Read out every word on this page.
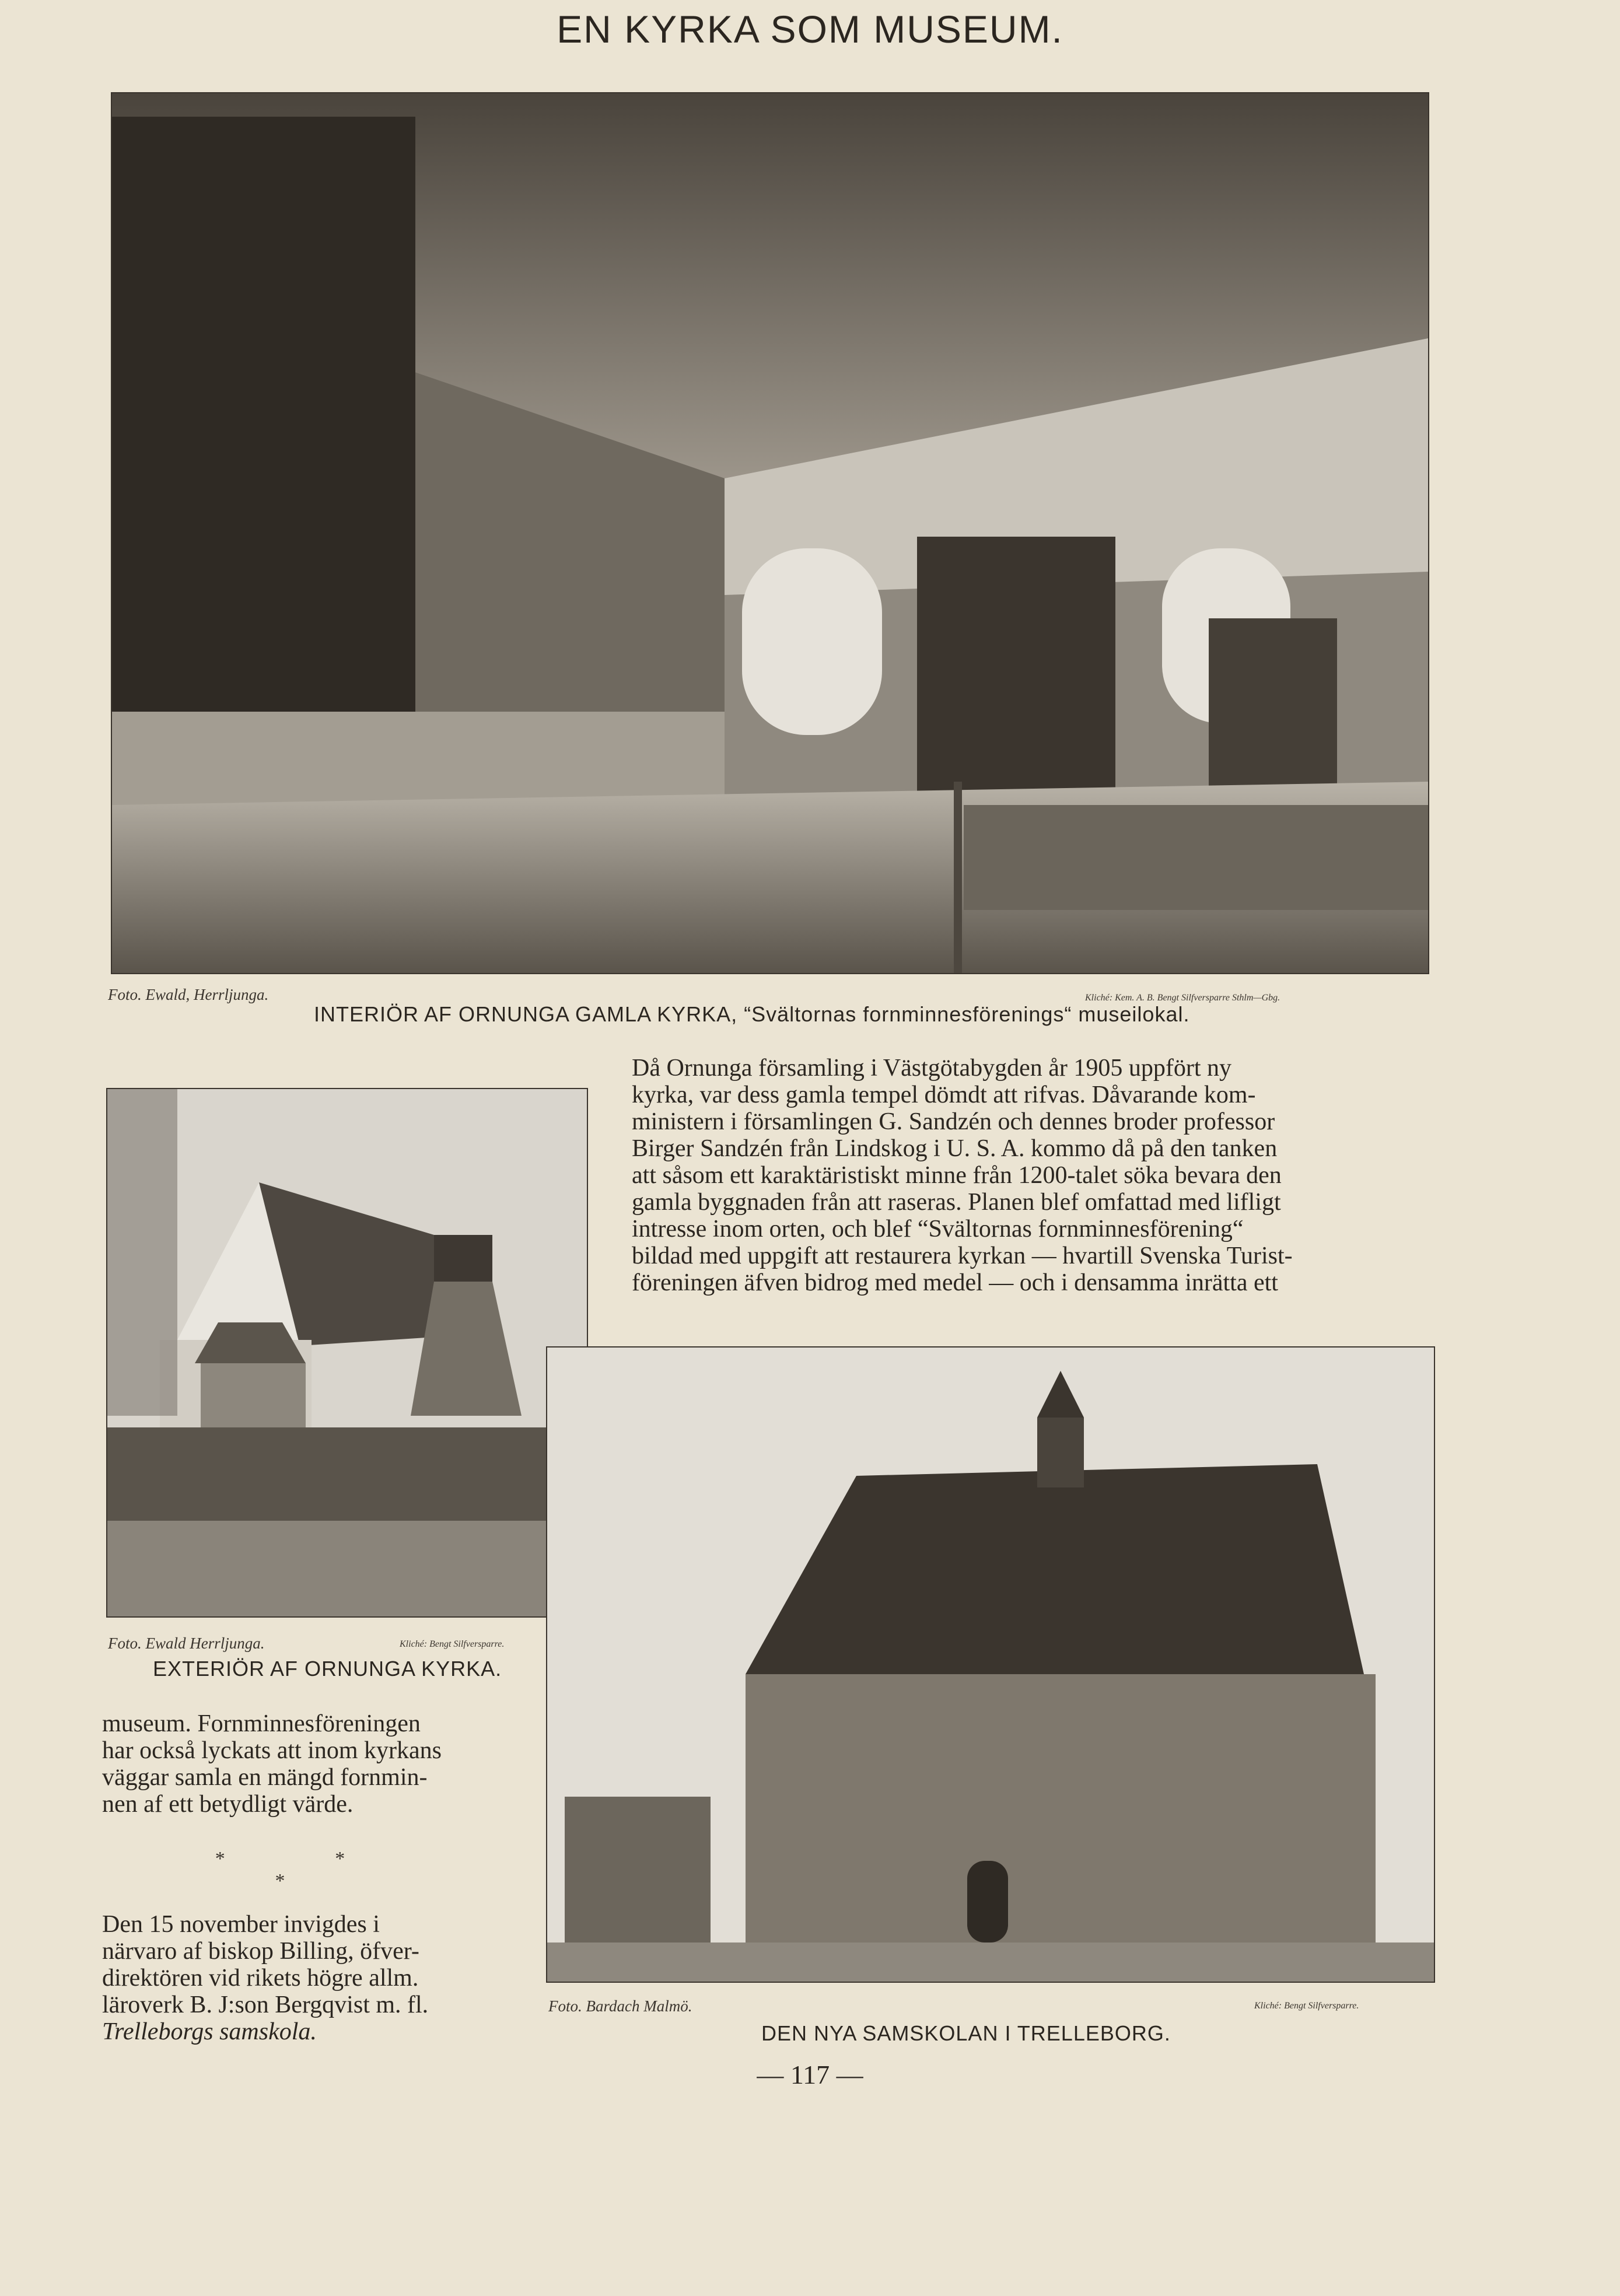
EN KYRKA SOM MUSEUM.
Foto. Ewald, Herrljunga.	Kliché: Kem. A. B. Bengt Silfversparre Sthlm—Gbg.
INTERIÖR AF ORNUNGA GAMLA KYRKA, “Svältornas fornminnesförenings“ museilokal.
Foto. Ewald Herrljunga.	Kliché: Bengt Silfversparre.
EXTERIÖR AF ORNUNGA KYRKA.

Då Ornunga församling i Västgötabygden år 1905 uppfört ny

kyrka, var dess gamla tempel dömdt att rifvas. Dåvarande kom-

ministern i församlingen G. Sandzén och dennes broder professor

Birger Sandzén från Lindskog i U. S. A. kommo då på den tanken

att såsom ett karaktäristiskt minne från 1200-talet söka bevara den

gamla byggnaden från att raseras. Planen blef omfattad med lifligt

intresse inom orten, och blef “Svältornas fornminnesförening“

bildad med uppgift att restaurera kyrkan — hvartill Svenska Turist-

föreningen äfven bidrog med medel — och i densamma inrätta ett

Foto. Bardach Malmö.	Kliché: Bengt Silfversparre.
DEN NYA SAMSKOLAN I TRELLEBORG.

museum. Fornminnesföreningen

har också lyckats att inom kyrkans

väggar samla en mängd fornmin-

nen af ett betydligt värde.

* * *

Den 15 november invigdes i

närvaro af biskop Billing, öfver-

direktören vid rikets högre allm.

läroverk B. J:son Bergqvist m. fl.

Trelleborgs samskola.

— 117 —
